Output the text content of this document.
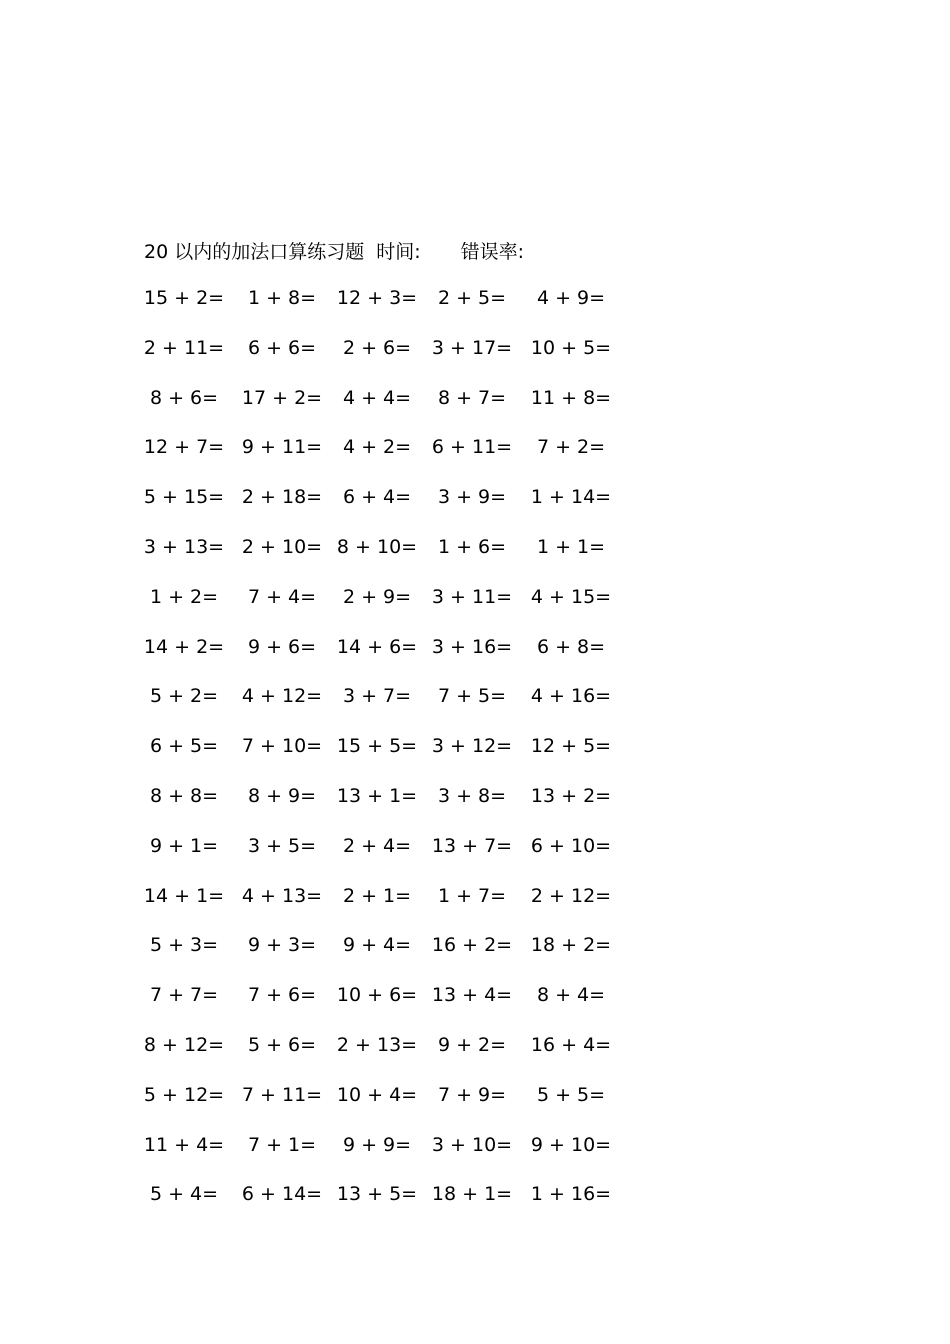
20 以内的加法口算练习题 时间: 错误率:
15 + 2= 1 + 8= 12 + 3= 2 + 5= 4 + 9=
2 + 11= 6 + 6= 2 + 6= 3 + 17= 10 + 5=
8 + 6= 17 + 2= 4 + 4= 8 + 7= 11 + 8=
12 + 7= 9 + 11= 4 + 2= 6 + 11= 7 + 2=
5 + 15= 2 + 18= 6 + 4= 3 + 9= 1 + 14=
3 + 13= 2 + 10= 8 + 10= 1 + 6= 1 + 1=
1 + 2= 7 + 4= 2 + 9= 3 + 11= 4 + 15=
14 + 2= 9 + 6= 14 + 6= 3 + 16= 6 + 8=
5 + 2= 4 + 12= 3 + 7= 7 + 5= 4 + 16=
6 + 5= 7 + 10= 15 + 5= 3 + 12= 12 + 5=
8 + 8= 8 + 9= 13 + 1= 3 + 8= 13 + 2=
9 + 1= 3 + 5= 2 + 4= 13 + 7= 6 + 10=
14 + 1= 4 + 13= 2 + 1= 1 + 7= 2 + 12=
5 + 3= 9 + 3= 9 + 4= 16 + 2= 18 + 2=
7 + 7= 7 + 6= 10 + 6= 13 + 4= 8 + 4=
8 + 12= 5 + 6= 2 + 13= 9 + 2= 16 + 4=
5 + 12= 7 + 11= 10 + 4= 7 + 9= 5 + 5=
11 + 4= 7 + 1= 9 + 9= 3 + 10= 9 + 10=
5 + 4= 6 + 14= 13 + 5= 18 + 1= 1 + 16=
